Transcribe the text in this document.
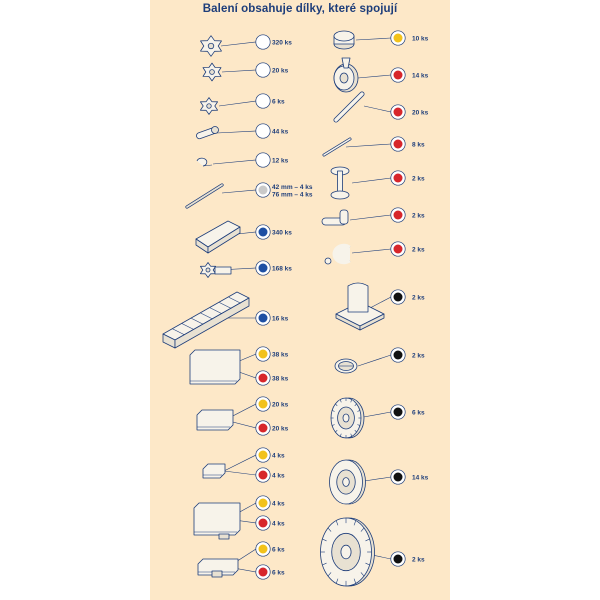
Balení obsahuje dílky, které spojují
320 ks
20 ks
6 ks
44 ks
12 ks
42 mm – 4 ks
76 mm – 4 ks
340 ks
168 ks
16 ks
38 ks
38 ks
20 ks
20 ks
4 ks
4 ks
4 ks
4 ks
6 ks
6 ks
10 ks
14 ks
20 ks
8 ks
2 ks
2 ks
2 ks
2 ks
2 ks
6 ks
14 ks
2 ks
